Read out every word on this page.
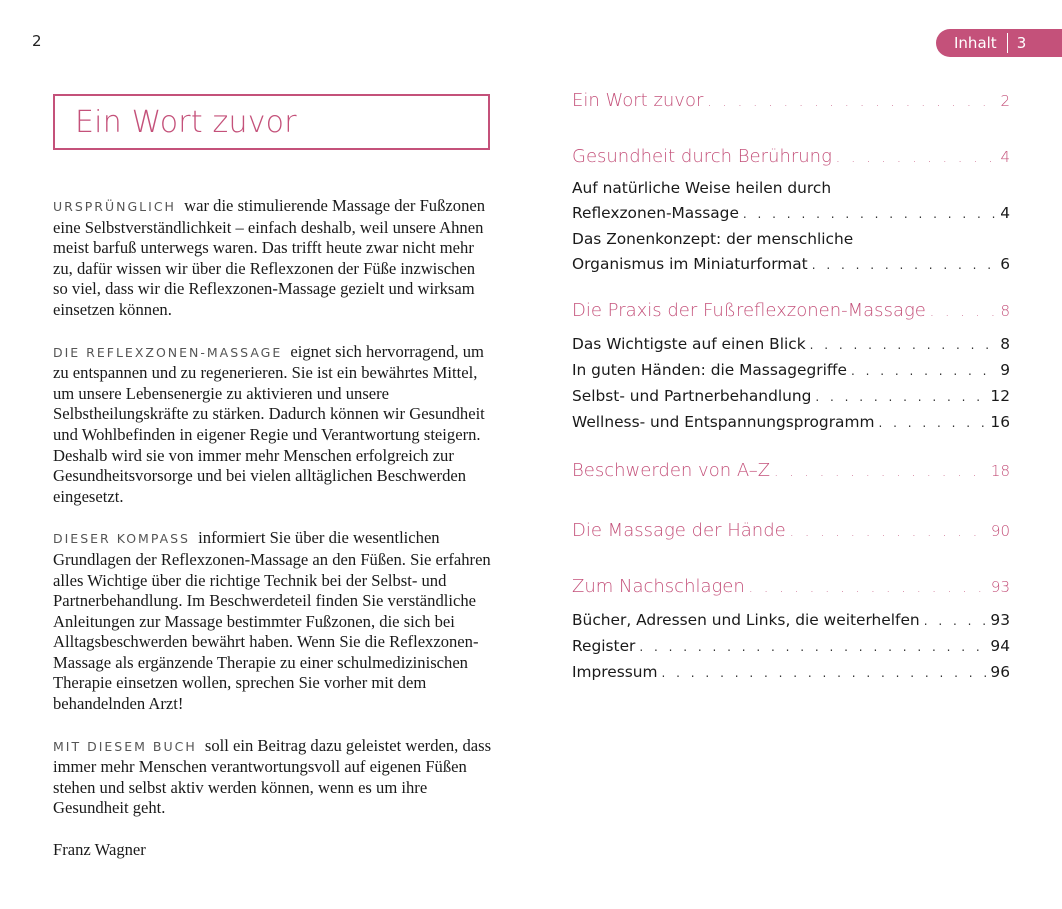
2	Inhalt 3
Ein Wort zuvor

URSPRÜNGLICH war die stimulierende Massage der Fußzonen eine Selbstverständlichkeit – einfach deshalb, weil unsere Ahnen meist barfuß unterwegs waren. Das trifft heute zwar nicht mehr zu, dafür wissen wir über die Reflexzonen der Füße inzwischen so viel, dass wir die Reflexzonen-Massage gezielt und wirksam einsetzen können.

DIE REFLEXZONEN-MASSAGE eignet sich hervorragend, um zu entspannen und zu regenerieren. Sie ist ein bewährtes Mittel, um unsere Lebensenergie zu aktivieren und unsere Selbstheilungskräfte zu stärken. Dadurch können wir Gesundheit und Wohlbefinden in eigener Regie und Verantwortung steigern. Deshalb wird sie von immer mehr Menschen erfolgreich zur Gesundheitsvorsorge und bei vielen alltäglichen Beschwerden eingesetzt.

DIESER KOMPASS informiert Sie über die wesentlichen Grundlagen der Reflexzonen-Massage an den Füßen. Sie erfahren alles Wichtige über die richtige Technik bei der Selbst- und Partnerbehandlung. Im Beschwerdeteil finden Sie verständliche Anleitungen zur Massage bestimmter Fußzonen, die sich bei Alltagsbeschwerden bewährt haben. Wenn Sie die Reflexzonen-Massage als ergänzende Therapie zu einer schulmedizinischen Therapie einsetzen wollen, sprechen Sie vorher mit dem behandelnden Arzt!

MIT DIESEM BUCH soll ein Beitrag dazu geleistet werden, dass immer mehr Menschen verantwortungsvoll auf eigenen Füßen stehen und selbst aktiv werden können, wenn es um ihre Gesundheit geht.

Franz Wagner

Ein Wort zuvor . . .	2
Gesundheit durch Berührung . . .	4
Auf natürliche Weise heilen durch
Reflexzonen-Massage . . .	4
Das Zonenkonzept: der menschliche
Organismus im Miniaturformat . . .	6
Die Praxis der Fußreflexzonen-Massage . . .	8
Das Wichtigste auf einen Blick . . .	8
In guten Händen: die Massagegriffe . . .	9
Selbst- und Partnerbehandlung . . .	12
Wellness- und Entspannungsprogramm . . .	16
Beschwerden von A–Z . . .	18
Die Massage der Hände . . .	90
Zum Nachschlagen . . .	93
Bücher, Adressen und Links, die weiterhelfen . . .	93
Register . . .	94
Impressum . . .	96
